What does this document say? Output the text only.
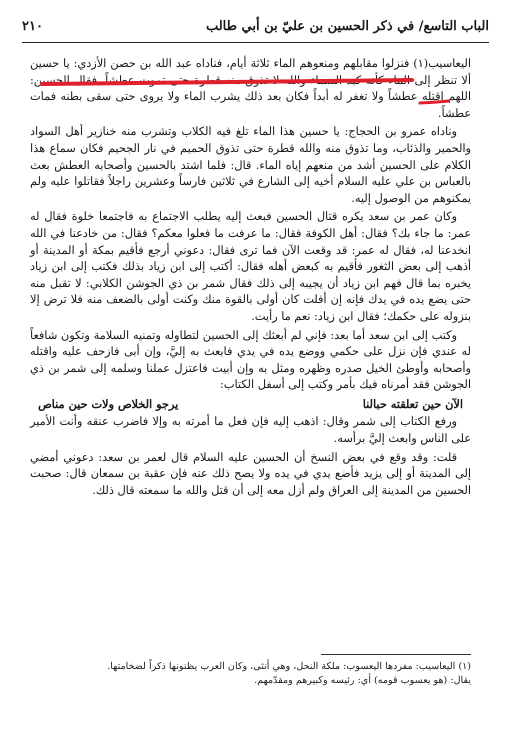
الباب التاسع/ في ذكر الحسين بن عليّ بن أبي طالب
٢١٠

اليعاسيب(١) فنزلوا مقابلهم ومنعوهم الماء ثلاثة أيام، فناداه عبد الله بن حصن الأزدي: يا حسين ألا تنظر إلى الماء كأنه كبد السماء والله لا تذوق منه قطرة حتى تموت عطشاً، فقال الحسين: اللهم اقتله عطشاً ولا تغفر له أبداً فكان بعد ذلك يشرب الماء ولا يروى حتى سقى بطنه فمات عطشاً.

وناداه عمرو بن الحجاج: يا حسين هذا الماء تلغ فيه الكلاب وتشرب منه خنازير أهل السواد والحمير والذئاب، وما تذوق منه والله قطرة حتى تذوق الحميم في نار الجحيم فكان سماع هذا الكلام على الحسين أشد من منعهم إياه الماء. قال: فلما اشتد بالحسين وأصحابه العطش بعث بالعباس بن علي عليه السلام أخيه إلى الشارع في ثلاثين فارساً وعشرين راجلاً فقاتلوا عليه ولم يمكنوهم من الوصول إليه.

وكان عمر بن سعد يكره قتال الحسين فبعث إليه يطلب الاجتماع به فاجتمعا خلوة فقال له عمر: ما جاء بك؟ فقال: أهل الكوفة فقال: ما عرفت ما فعلوا معكم؟ فقال: من خادعنا في الله انخدعنا له، فقال له عمر: قد وقعت الآن فما ترى فقال: دعوني أرجع فأقيم بمكة أو المدينة أو أذهب إلى بعض الثغور فأقيم به كبعض أهله فقال: أكتب إلى ابن زياد بذلك فكتب إلى ابن زياد يخبره بما قال فهم ابن زياد أن يجيبه إلى ذلك فقال شمر بن ذي الجوشن الكلابي: لا تقبل منه حتى يضع يده في يدك فإنه إن أفلت كان أولى بالقوة منك وكنت أولى بالضعف منه فلا ترض إلا بنزوله على حكمك؛ فقال ابن زياد: نعم ما رأيت.

وكتب إلى ابن سعد أما بعد: فإني لم أبعثك إلى الحسين لتطاوله وتمنيه السلامة وتكون شافعاً له عندي فإن نزل على حكمي ووضع يده في يدي فابعث به إليَّ، وإن أبى فازحف عليه واقتله وأصحابه وأوطئ الخيل صدره وظهره ومثل به وإن أبيت فاعتزل عملنا وسلمه إلى شمر بن ذي الجوشن فقد أمرناه فيك بأمر وكتب إلى أسفل الكتاب:

الآن حين تعلقته حبالنا
يرجو الخلاص ولات حين مناص

ورفع الكتاب إلى شمر وقال: اذهب إليه فإن فعل ما أمرته به وإلا فاضرب عنقه وأنت الأمير على الناس وابعث إليَّ برأسه.

قلت: وقد وقع في بعض النسخ أن الحسين عليه السلام قال لعمر بن سعد: دعوني أمضي إلى المدينة أو إلى يزيد فأضع يدي في يده ولا يصح ذلك عنه فإن عقبة بن سمعان قال: صحبت الحسين من المدينة إلى العراق ولم أزل معه إلى أن قتل والله ما سمعته قال ذلك.

(١) اليعاسيب: مفردها اليعسوب: ملكة النحل، وهي أنثى، وكان العرب يظنونها ذكراً لضخامتها.

يقال: (هو يعسوب قومه) أي: رئيسه وكبيرهم ومقدّمهم.
